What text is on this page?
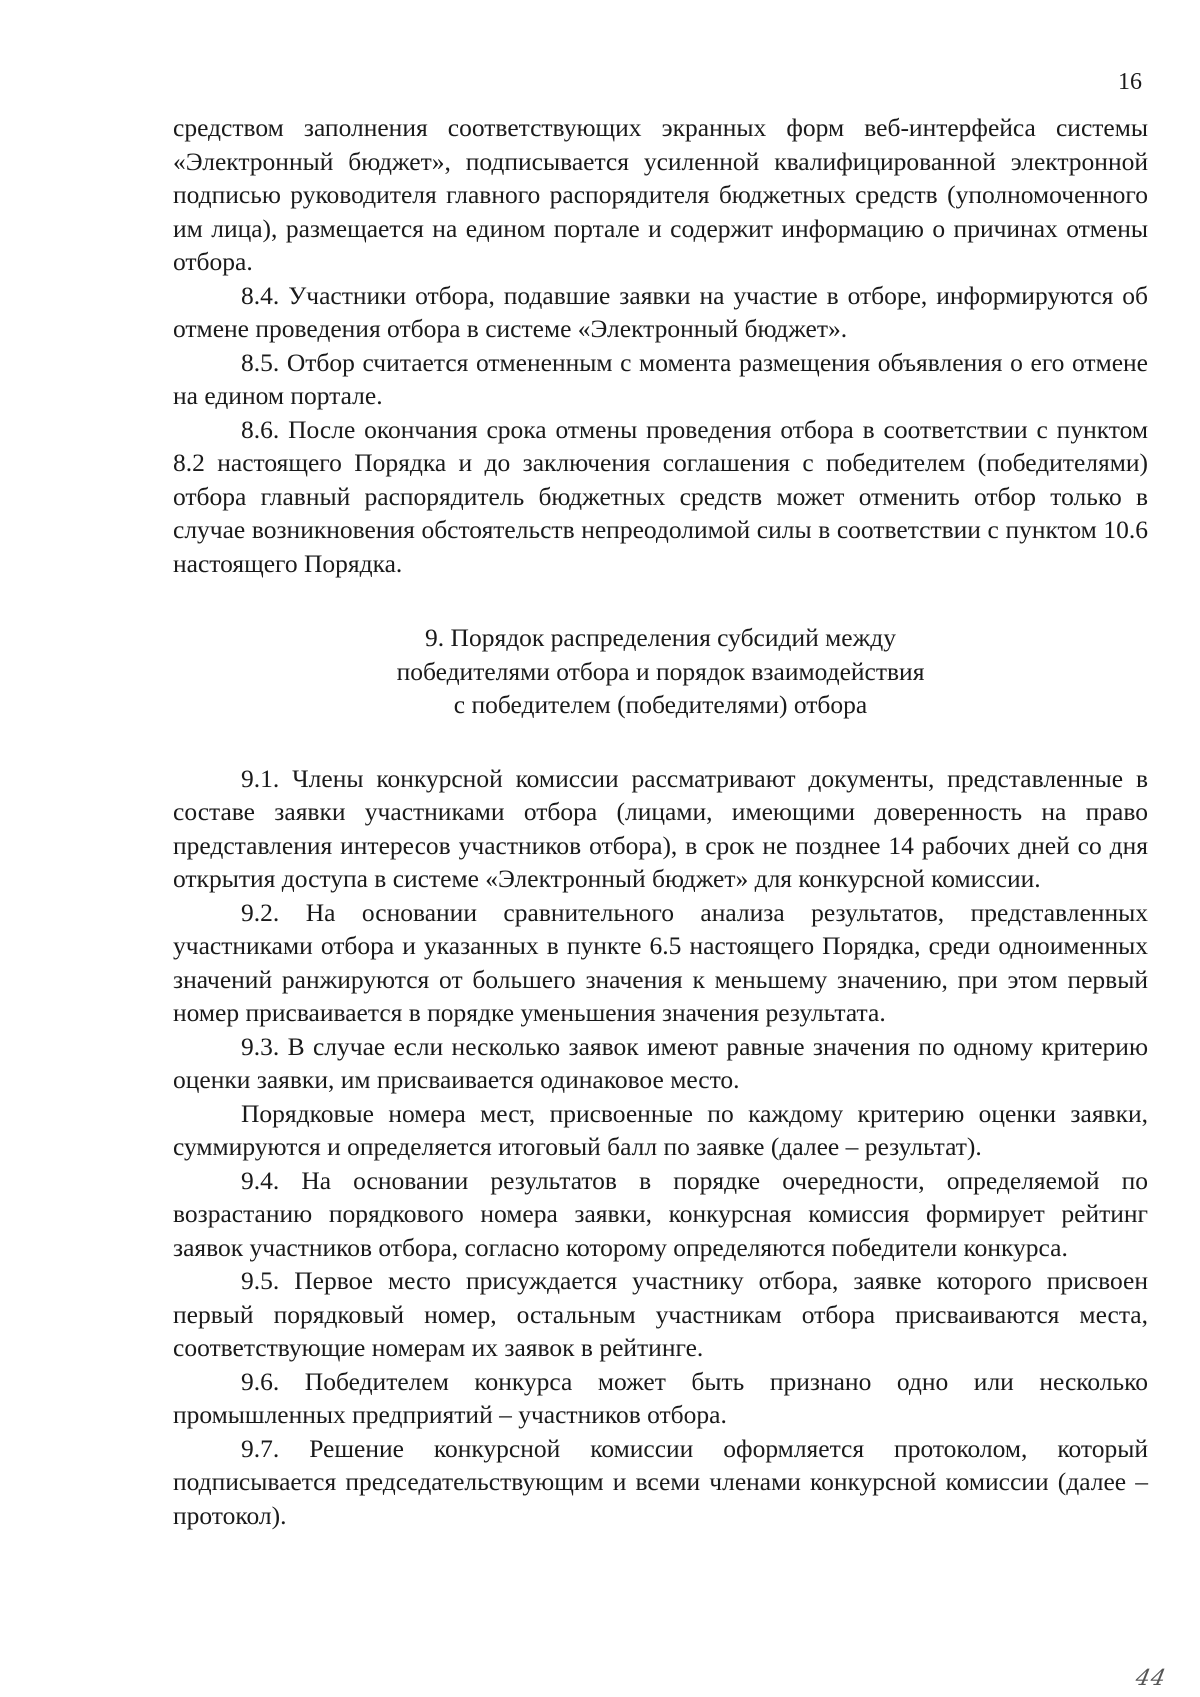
16

средством заполнения соответствующих экранных форм веб-интерфейса системы «Электронный бюджет», подписывается усиленной квалифицированной электронной подписью руководителя главного распорядителя бюджетных средств (уполномоченного им лица), размещается на едином портале и содержит информацию о причинах отмены отбора.

8.4. Участники отбора, подавшие заявки на участие в отборе, информируются об отмене проведения отбора в системе «Электронный бюджет».

8.5. Отбор считается отмененным с момента размещения объявления о его отмене на едином портале.

8.6. После окончания срока отмены проведения отбора в соответствии с пунктом 8.2 настоящего Порядка и до заключения соглашения с победителем (победителями) отбора главный распорядитель бюджетных средств может отменить отбор только в случае возникновения обстоятельств непреодолимой силы в соответствии с пунктом 10.6 настоящего Порядка.

9. Порядок распределения субсидий между
победителями отбора и порядок взаимодействия
с победителем (победителями) отбора

9.1. Члены конкурсной комиссии рассматривают документы, представленные в составе заявки участниками отбора (лицами, имеющими доверенность на право представления интересов участников отбора), в срок не позднее 14 рабочих дней со дня открытия доступа в системе «Электронный бюджет» для конкурсной комиссии.

9.2. На основании сравнительного анализа результатов, представленных участниками отбора и указанных в пункте 6.5 настоящего Порядка, среди одноименных значений ранжируются от большего значения к меньшему значению, при этом первый номер присваивается в порядке уменьшения значения результата.

9.3. В случае если несколько заявок имеют равные значения по одному критерию оценки заявки, им присваивается одинаковое место.

Порядковые номера мест, присвоенные по каждому критерию оценки заявки, суммируются и определяется итоговый балл по заявке (далее – результат).

9.4. На основании результатов в порядке очередности, определяемой по возрастанию порядкового номера заявки, конкурсная комиссия формирует рейтинг заявок участников отбора, согласно которому определяются победители конкурса.

9.5. Первое место присуждается участнику отбора, заявке которого присвоен первый порядковый номер, остальным участникам отбора присваиваются места, соответствующие номерам их заявок в рейтинге.

9.6. Победителем конкурса может быть признано одно или несколько промышленных предприятий – участников отбора.

9.7. Решение конкурсной комиссии оформляется протоколом, который подписывается председательствующим и всеми членами конкурсной комиссии (далее – протокол).

44
